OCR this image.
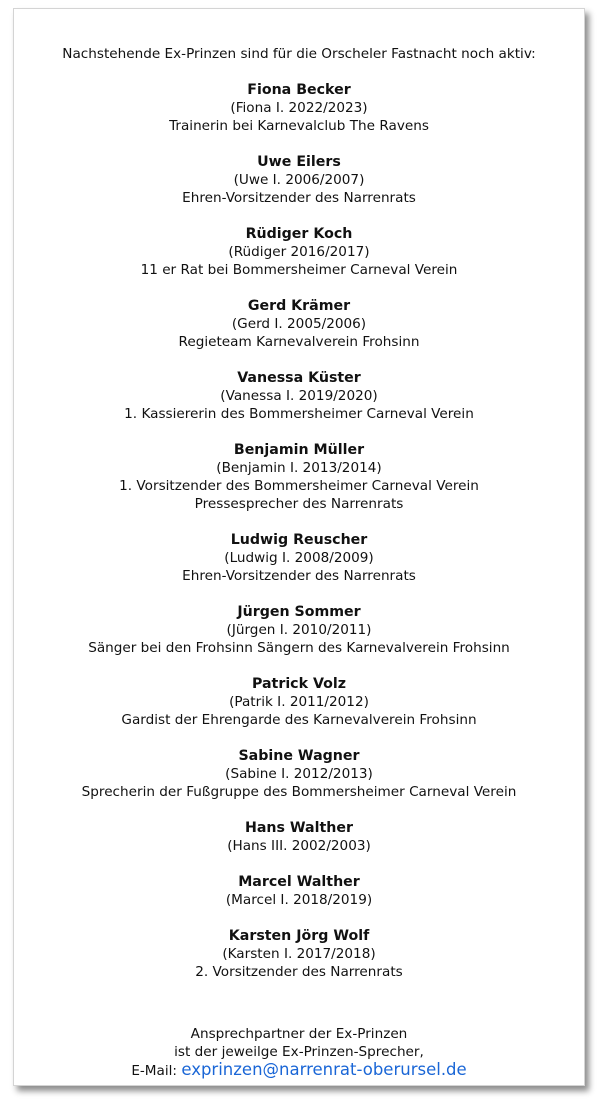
Nachstehende Ex-Prinzen sind für die Orscheler Fastnacht noch aktiv:
Fiona Becker
(Fiona I. 2022/2023)
Trainerin bei Karnevalclub The Ravens
Uwe Eilers
(Uwe I. 2006/2007)
Ehren-Vorsitzender des Narrenrats
Rüdiger Koch
(Rüdiger 2016/2017)
11 er Rat bei Bommersheimer Carneval Verein
Gerd Krämer
(Gerd I. 2005/2006)
Regieteam Karnevalverein Frohsinn
Vanessa Küster
(Vanessa I. 2019/2020)
1. Kassiererin des Bommersheimer Carneval Verein
Benjamin Müller
(Benjamin I. 2013/2014)
1. Vorsitzender des Bommersheimer Carneval Verein
Pressesprecher des Narrenrats
Ludwig Reuscher
(Ludwig I. 2008/2009)
Ehren-Vorsitzender des Narrenrats
Jürgen Sommer
(Jürgen I. 2010/2011)
Sänger bei den Frohsinn Sängern des Karnevalverein Frohsinn
Patrick Volz
(Patrik I. 2011/2012)
Gardist der Ehrengarde des Karnevalverein Frohsinn
Sabine Wagner
(Sabine I. 2012/2013)
Sprecherin der Fußgruppe des Bommersheimer Carneval Verein
Hans Walther
(Hans III. 2002/2003)
Marcel Walther
(Marcel I. 2018/2019)
Karsten Jörg Wolf
(Karsten I. 2017/2018)
2. Vorsitzender des Narrenrats
Ansprechpartner der Ex-Prinzen
ist der jeweilge Ex-Prinzen-Sprecher,
E-Mail: exprinzen@narrenrat-oberursel.de
